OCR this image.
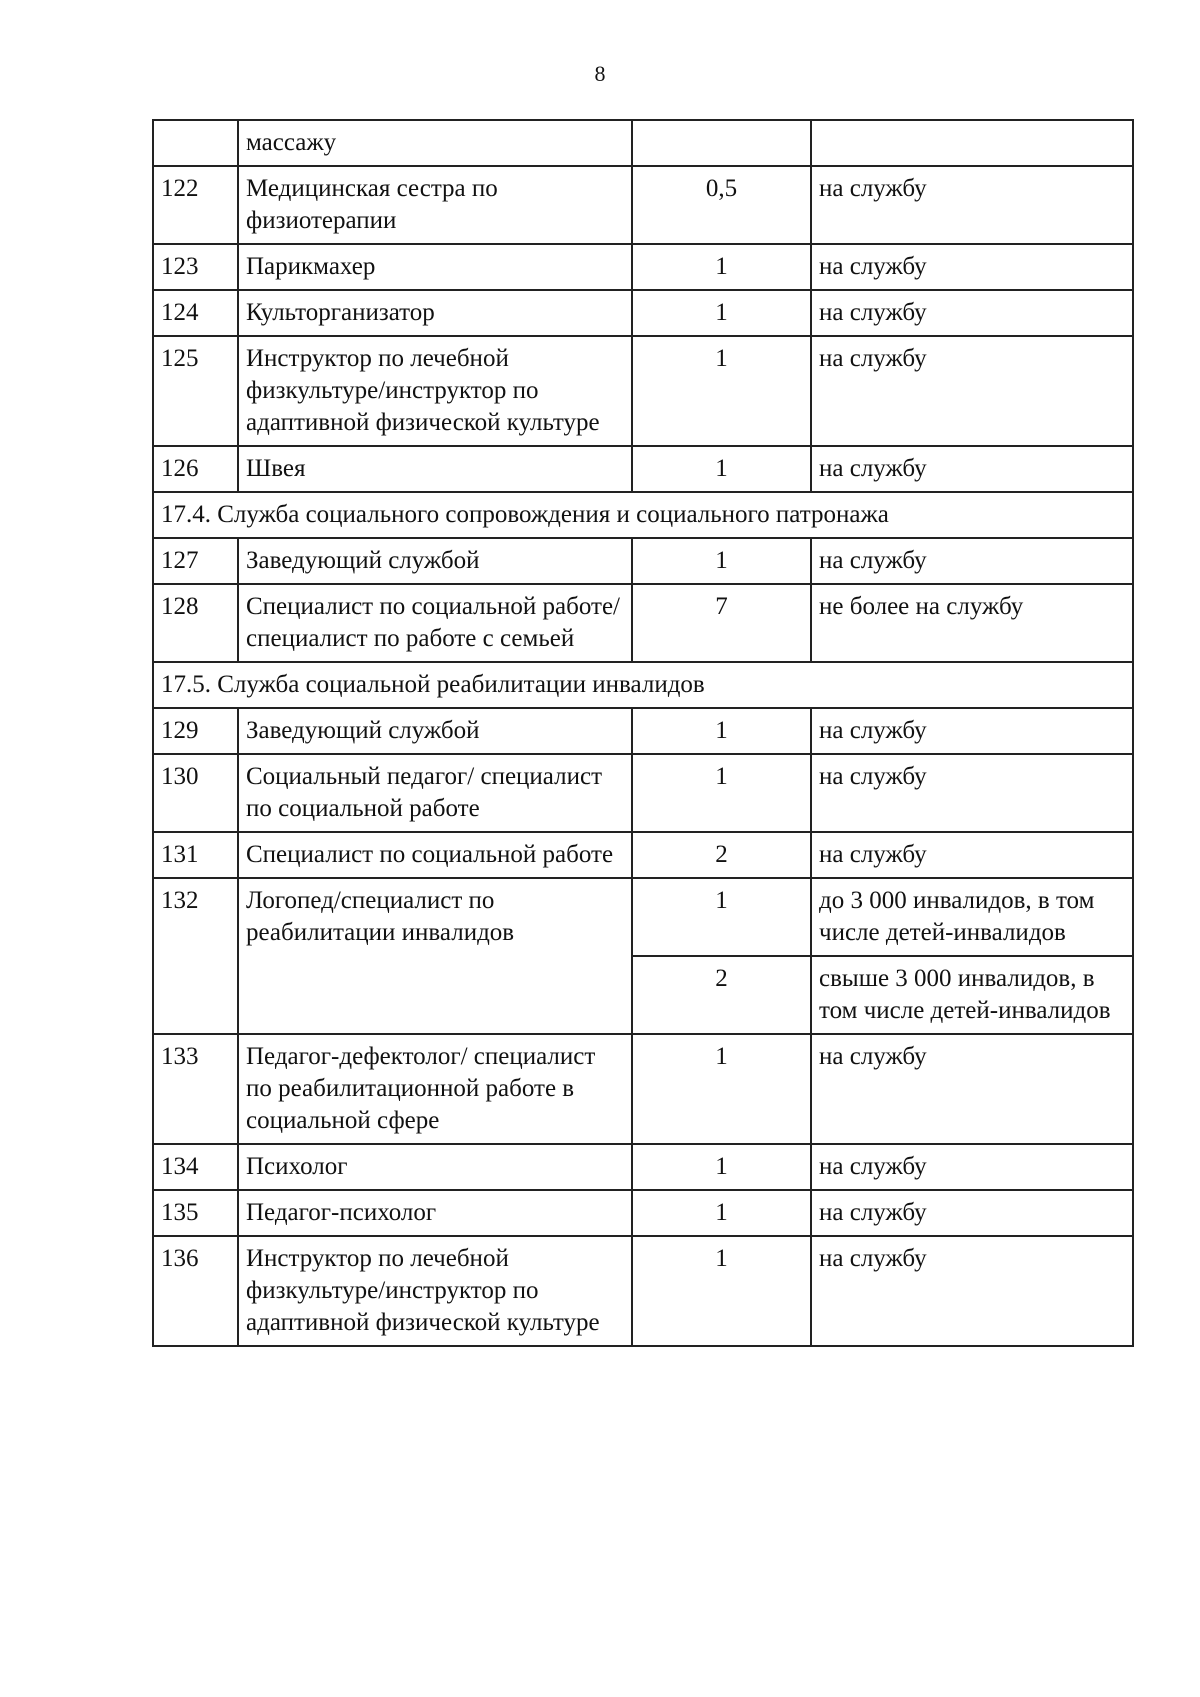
8
	массажу		
122	Медицинская сестра по физиотерапии	0,5	на службу
123	Парикмахер	1	на службу
124	Культорганизатор	1	на службу
125	Инструктор по лечебной физкультуре/инструктор по адаптивной физической культуре	1	на службу
126	Швея	1	на службу
17.4. Служба социального сопровождения и социального патронажа			
127	Заведующий службой	1	на службу
128	Специалист по социальной работе/специалист по работе с семьей	7	не более на службу
17.5. Служба социальной реабилитации инвалидов			
129	Заведующий службой	1	на службу
130	Социальный педагог/ специалист по социальной работе	1	на службу
131	Специалист по социальной работе	2	на службу
132	Логопед/специалист по реабилитации инвалидов	1	до 3 000 инвалидов, в том числе детей-инвалидов
		2	свыше 3 000 инвалидов, в том числе детей-инвалидов
133	Педагог-дефектолог/ специалист по реабилитационной работе в социальной сфере	1	на службу
134	Психолог	1	на службу
135	Педагог-психолог	1	на службу
136	Инструктор по лечебной физкультуре/инструктор по адаптивной физической культуре	1	на службу
